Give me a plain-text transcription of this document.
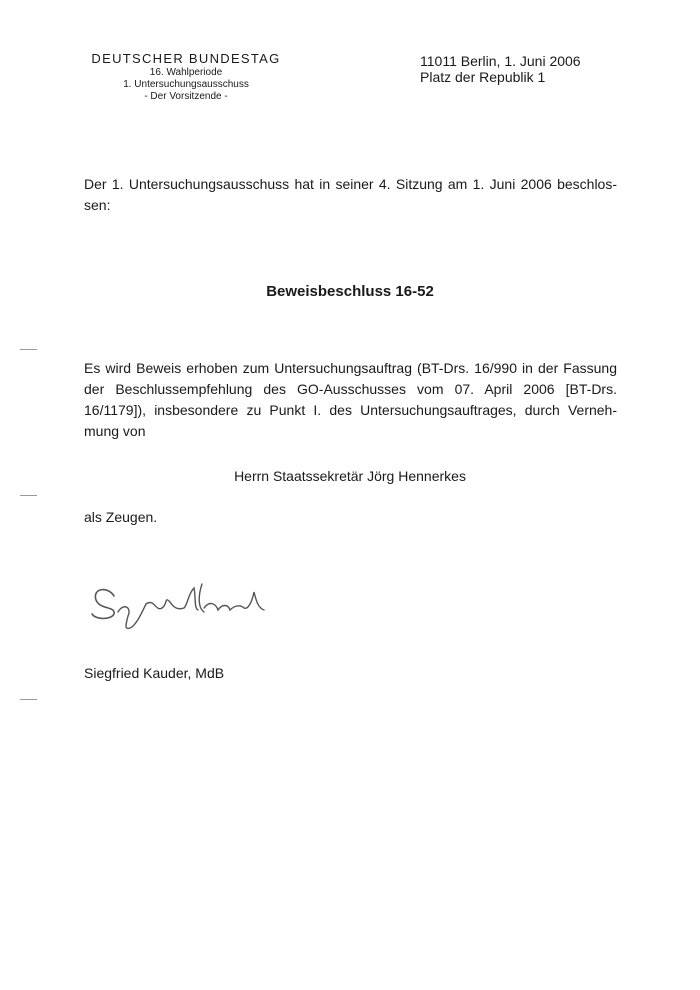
DEUTSCHER BUNDESTAG
16. Wahlperiode
1. Untersuchungsausschuss
- Der Vorsitzende -
11011 Berlin, 1. Juni 2006
Platz der Republik 1
Der 1. Untersuchungsausschuss hat in seiner 4. Sitzung am 1. Juni 2006 beschlos-sen:
Beweisbeschluss 16-52
Es wird Beweis erhoben zum Untersuchungsauftrag (BT-Drs. 16/990 in der Fassung der Beschlussempfehlung des GO-Ausschusses vom 07. April 2006 [BT-Drs. 16/1179]), insbesondere zu Punkt I. des Untersuchungsauftrages, durch Verneh-mung von
Herrn Staatssekretär Jörg Hennerkes
als Zeugen.
Siegfried Kauder, MdB
